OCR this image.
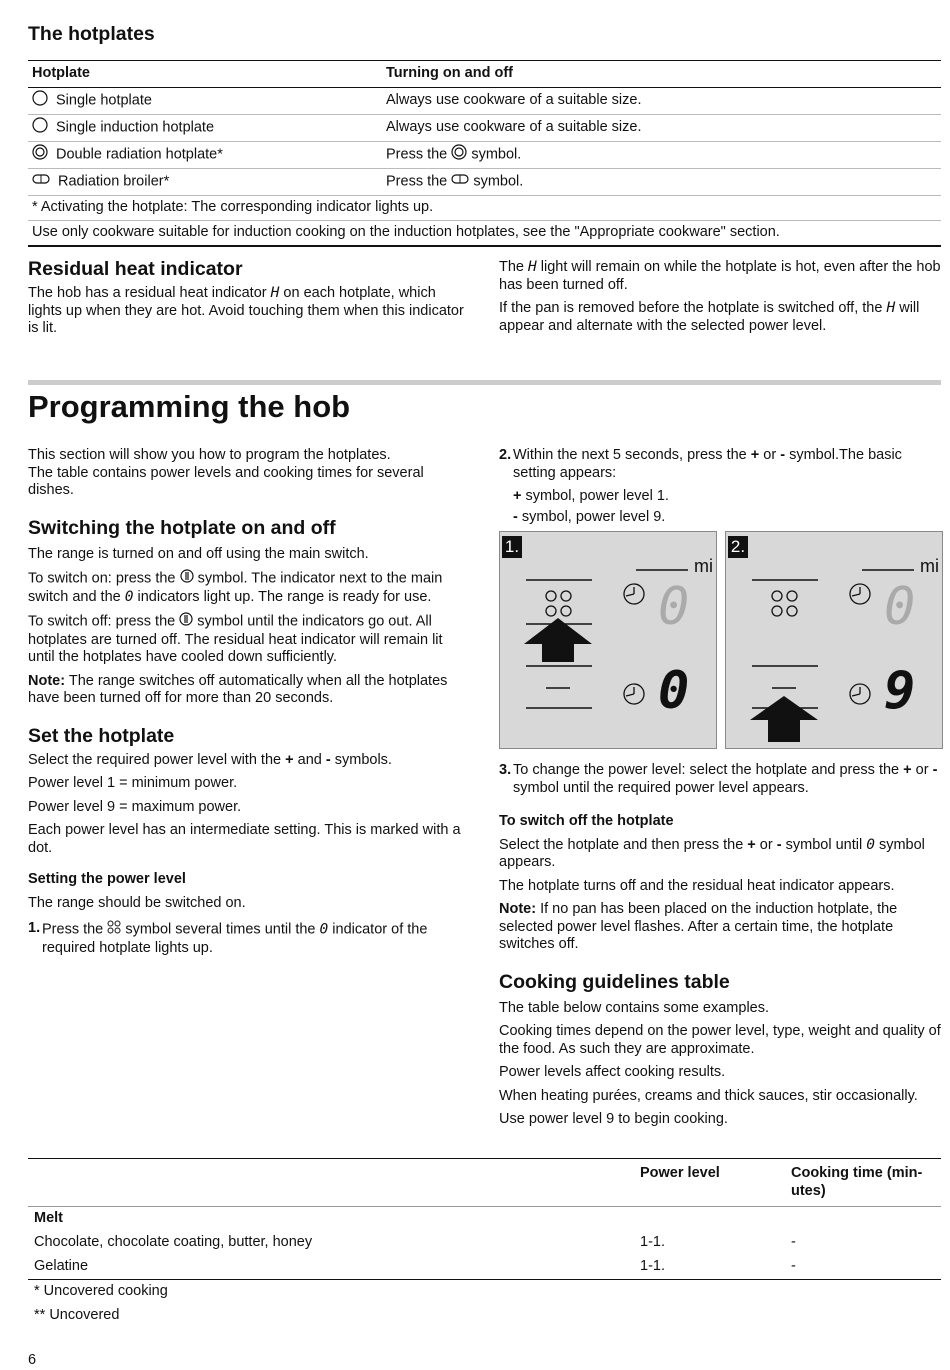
The hotplates
Hotplate	Turning on and off
Single hotplate	Always use cookware of a suitable size.
Single induction hotplate	Always use cookware of a suitable size.
Double radiation hotplate*	Press the symbol.
Radiation broiler*	Press the symbol.
* Activating the hotplate: The corresponding indicator lights up.	
Use only cookware suitable for induction cooking on the induction hotplates, see the "Appropriate cookware" section.	
Residual heat indicator

The hob has a residual heat indicator H on each hotplate, which lights up when they are hot. Avoid touching them when this indicator is lit.

The H light will remain on while the hotplate is hot, even after the hob has been turned off.

If the pan is removed before the hotplate is switched off, the H will appear and alternate with the selected power level.

Programming the hob

This section will show you how to program the hotplates.

The table contains power levels and cooking times for several dishes.

Switching the hotplate on and off

The range is turned on and off using the main switch.

To switch on: press the symbol. The indicator next to the main switch and the 0 indicators light up. The range is ready for use.

To switch off: press the symbol until the indicators go out. All hotplates are turned off. The residual heat indicator will remain lit until the hotplates have cooled down sufficiently.

Note: The range switches off automatically when all the hotplates have been turned off for more than 20 seconds.

Set the hotplate

Select the required power level with the + and - symbols.

Power level 1 = minimum power.

Power level 9 = maximum power.

Each power level has an intermediate setting. This is marked with a dot.

Setting the power level

The range should be switched on.

1. Press the symbol several times until the 0 indicator of the required hotplate lights up.
2. Within the next 5 seconds, press the + or - symbol.The basic setting appears:
+ symbol, power level 1.
- symbol, power level 9.
1.
mi
0
0
2.
mi
0
9
3. To change the power level: select the hotplate and press the + or - symbol until the required power level appears.
To switch off the hotplate

Select the hotplate and then press the + or - symbol until 0 symbol appears.

The hotplate turns off and the residual heat indicator appears.

Note: If no pan has been placed on the induction hotplate, the selected power level flashes. After a certain time, the hotplate switches off.

Cooking guidelines table

The table below contains some examples.

Cooking times depend on the power level, type, weight and quality of the food. As such they are approximate.

Power levels affect cooking results.

When heating purées, creams and thick sauces, stir occasionally.

Use power level 9 to begin cooking.

	Power level	Cooking time (min-utes)
Melt		
Chocolate, chocolate coating, butter, honey	1-1.	-
Gelatine	1-1.	-
* Uncovered cooking		
** Uncovered		
6
